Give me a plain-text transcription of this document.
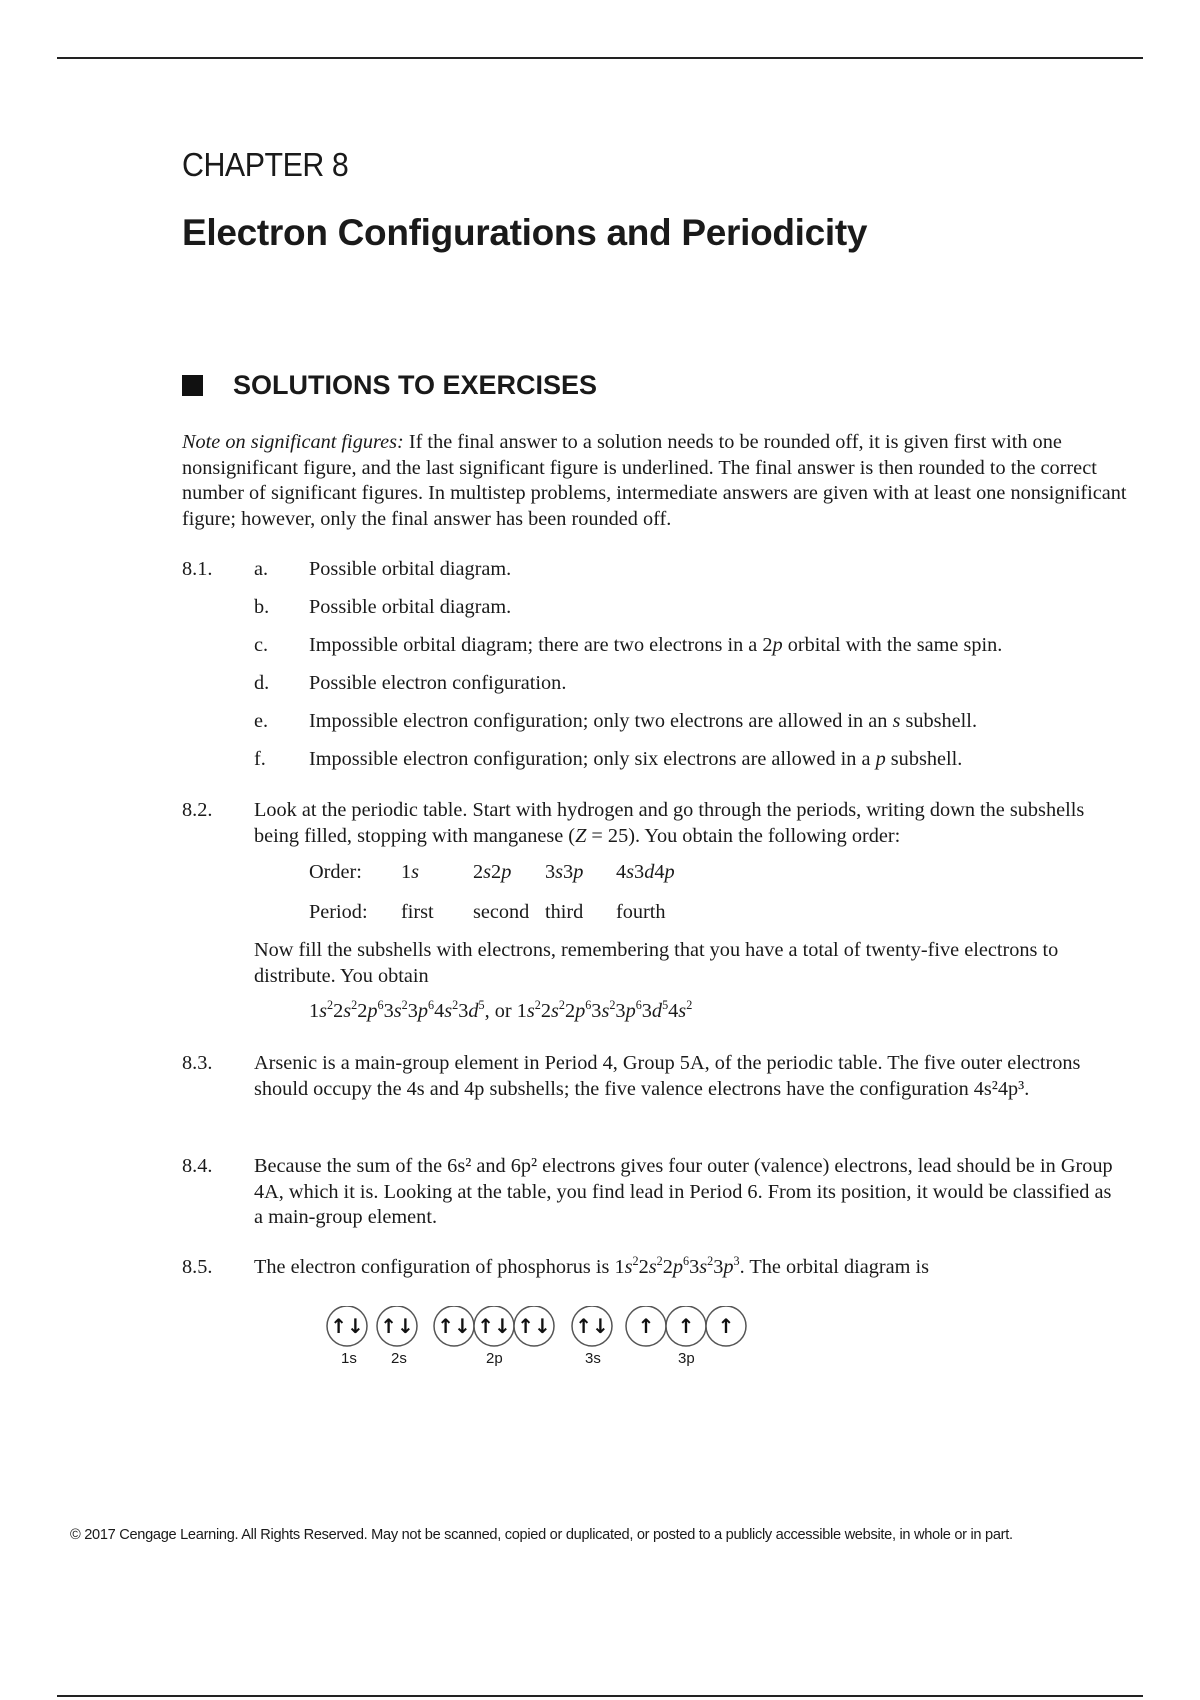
CHAPTER 8
Electron Configurations and Periodicity
SOLUTIONS TO EXERCISES
Note on significant figures: If the final answer to a solution needs to be rounded off, it is given first with one nonsignificant figure, and the last significant figure is underlined. The final answer is then rounded to the correct number of significant figures. In multistep problems, intermediate answers are given with at least one nonsignificant figure; however, only the final answer has been rounded off.
8.1.	a.	Possible orbital diagram.
b.	Possible orbital diagram.
c.	Impossible orbital diagram; there are two electrons in a 2p orbital with the same spin.
d.	Possible electron configuration.
e.	Impossible electron configuration; only two electrons are allowed in an s subshell.
f.	Impossible electron configuration; only six electrons are allowed in a p subshell.
8.2.	Look at the periodic table. Start with hydrogen and go through the periods, writing down the subshells being filled, stopping with manganese (Z = 25). You obtain the following order:
Order: 1s	2s2p 3s3p 4s3d4p
Period: first second third fourth
Now fill the subshells with electrons, remembering that you have a total of twenty-five electrons to distribute. You obtain
$1s^22s^22p^63s^23p^64s^23d^5$, or $1s^22s^22p^63s^23p^63d^54s^2$
8.3.	Arsenic is a main-group element in Period 4, Group 5A, of the periodic table. The five outer electrons should occupy the 4s and 4p subshells; the five valence electrons have the configuration 4s²4p³.
8.4.	Because the sum of the 6s² and 6p² electrons gives four outer (valence) electrons, lead should be in Group 4A, which it is. Looking at the table, you find lead in Period 6. From its position, it would be classified as a main-group element.
8.5.	The electron configuration of phosphorus is $1s^22s^22p^63s^23p^3$. The orbital diagram is
↑↓ ↑↓ ↑↓ ↑↓ ↑↓ ↑↓ ↑ ↑ ↑
1s 2s	2p	3s	3p
© 2017 Cengage Learning. All Rights Reserved. May not be scanned, copied or duplicated, or posted to a publicly accessible website, in whole or in part.
